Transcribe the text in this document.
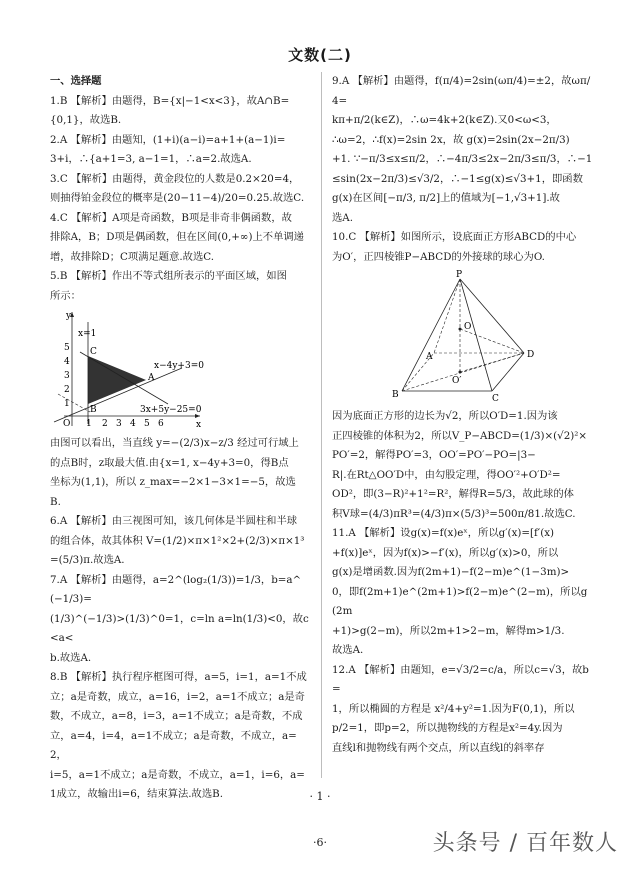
文数(二)
一、选择题
1.B 【解析】由题得，B={x|−1<x<3}，故A∩B=
{0,1}，故选B.
2.A 【解析】由题知，(1+i)(a−i)=a+1+(a−1)i=
3+i，∴{a+1=3, a−1=1，∴a=2.故选A.
3.C 【解析】由题得，黄金段位的人数是0.2×20=4，
则抽得铂金段位的概率是(20−11−4)/20=0.25.故选C.
4.C 【解析】A项是奇函数，B项是非奇非偶函数，故
排除A，B；D项是偶函数，但在区间(0,+∞)上不单调递
增，故排除D；C项满足题意.故选C.
5.B 【解析】作出不等式组所表示的平面区域，如图
所示：
y
x
O
x=1
x−4y+3=0
3x+5y−25=0
A
B
C
1 2 3 4 5 6
1
2
3
4
5
由图可以看出，当直线 y=−(2/3)x−z/3 经过可行域上
的点B时，z取最大值.由{x=1, x−4y+3=0，得B点
坐标为(1,1)，所以 z_max=−2×1−3×1=−5，故选
B.
6.A 【解析】由三视图可知，该几何体是半圆柱和半球
的组合体，故其体积 V=(1/2)×π×1²×2+(2/3)×π×1³
=(5/3)π.故选A.
7.A 【解析】由题得，a=2^(log₂(1/3))=1/3，b=a^(−1/3)=
(1/3)^(−1/3)>(1/3)^0=1，c=ln a=ln(1/3)<0，故c<a<
b.故选A.
8.B 【解析】执行程序框图可得，a=5，i=1，a=1不成
立；a是奇数，成立，a=16，i=2，a=1不成立；a是奇
数，不成立，a=8，i=3，a=1不成立；a是奇数，不成
立，a=4，i=4，a=1不成立；a是奇数，不成立，a=2，
i=5，a=1不成立；a是奇数，不成立，a=1，i=6，a=
1成立，故输出i=6，结束算法.故选B.
9.A 【解析】由题得，f(π/4)=2sin(ωπ/4)=±2，故ωπ/4=
kπ+π/2(k∈Z)，∴ω=4k+2(k∈Z).又0<ω<3，
∴ω=2，∴f(x)=2sin 2x，故 g(x)=2sin(2x−2π/3)
+1. ∵−π/3≤x≤π/2，∴−4π/3≤2x−2π/3≤π/3，∴−1
≤sin(2x−2π/3)≤√3/2，∴−1≤g(x)≤√3+1，即函数
g(x)在区间[−π/3, π/2]上的值域为[−1,√3+1].故
选A.
10.C 【解析】如图所示，设底面正方形ABCD的中心
为O′，正四棱锥P−ABCD的外接球的球心为O.
P
A
B	C
D
O
O′
因为底面正方形的边长为√2，所以O′D=1.因为该
正四棱锥的体积为2，所以V_P−ABCD=(1/3)×(√2)²×
PO′=2，解得PO′=3，OO′=PO′−PO=|3−
R|.在Rt△OO′D中，由勾股定理，得OO′²+O′D²=
OD²，即(3−R)²+1²=R²，解得R=5/3，故此球的体
积V球=(4/3)πR³=(4/3)π×(5/3)³=500π/81.故选C.
11.A 【解析】设g(x)=f(x)eˣ，所以g′(x)=[f′(x)
+f(x)]eˣ，因为f(x)>−f′(x)，所以g′(x)>0，所以
g(x)是增函数.因为f(2m+1)−f(2−m)e^(1−3m)>
0，即f(2m+1)e^(2m+1)>f(2−m)e^(2−m)，所以g(2m
+1)>g(2−m)，所以2m+1>2−m，解得m>1/3.
故选A.
12.A 【解析】由题知，e=√3/2=c/a，所以c=√3，故b=
1，所以椭圆的方程是 x²/4+y²=1.因为F(0,1)，所以
p/2=1，即p=2，所以抛物线的方程是x²=4y.因为
直线l和抛物线有两个交点，所以直线l的斜率存
· 1 ·
·6·	头条号 / 百年数人
